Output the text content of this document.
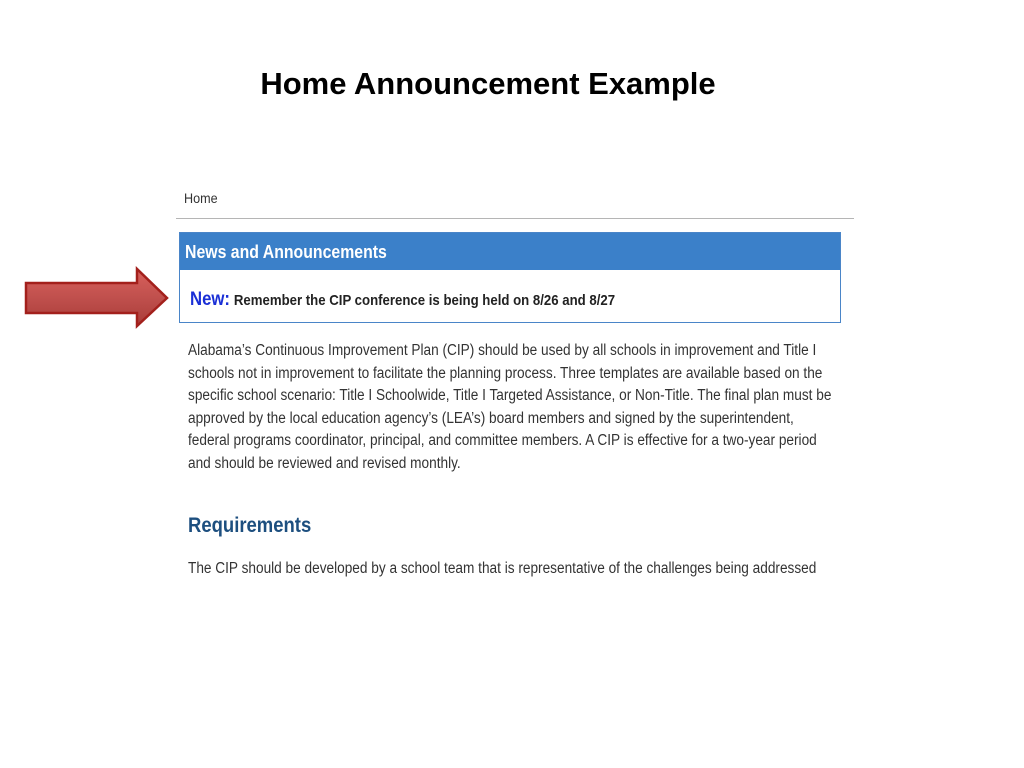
Home Announcement Example
Home
News and Announcements
New: Remember the CIP conference is being held on 8/26 and 8/27

Alabama’s Continuous Improvement Plan (CIP) should be used by all schools in improvement and Title I schools not in improvement to facilitate the planning process. Three templates are available based on the specific school scenario: Title I Schoolwide, Title I Targeted Assistance, or Non-Title. The final plan must be approved by the local education agency’s (LEA’s) board members and signed by the superintendent, federal programs coordinator, principal, and committee members. A CIP is effective for a two-year period and should be reviewed and revised monthly.

Requirements
The CIP should be developed by a school team that is representative of the challenges being addressed
